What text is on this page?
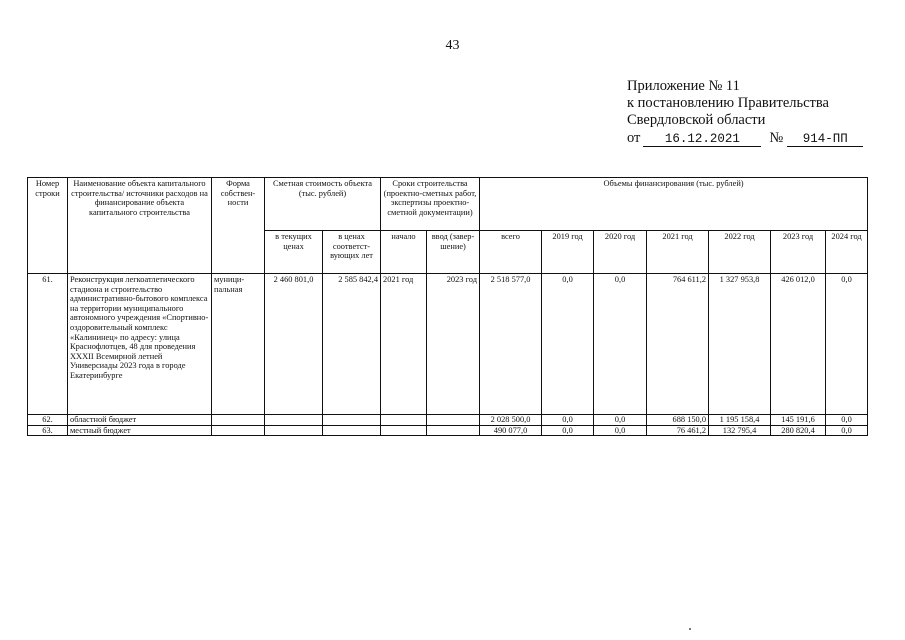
43
Приложение № 11
к постановлению Правительства
Свердловской области
от 16.12.2021 № 914-ПП
Номер строки	Наименование объекта капитального строительства/ источники расходов на финансирование объекта капитального строительства	Форма собствен-ности	Сметная стоимость объекта (тыс. рублей)		Сроки строительства (проектно-сметных работ, экспертизы проектно-сметной документации)		Объемы финансирования (тыс. рублей)						
			в текущих ценах	в ценах соответст-вующих лет	начало	ввод (завер-шение)	всего	2019 год	2020 год	2021 год	2022 год	2023 год	2024 год
61.	Реконструкция легкоатлетического стадиона и строительство административно-бытового комплекса на территории муниципального автономного учреждения «Спортивно-оздоровительный комплекс «Калининец» по адресу: улица Краснофлотцев, 48 для проведения XXXII Всемирной летней Универсиады 2023 года в городе Екатеринбурге	муници-пальная	2 460 801,0	2 585 842,4	2021 год	2023 год	2 518 577,0	0,0	0,0	764 611,2	1 327 953,8	426 012,0	0,0
62.	областной бюджет						2 028 500,0	0,0	0,0	688 150,0	1 195 158,4	145 191,6	0,0
63.	местный бюджет						490 077,0	0,0	0,0	76 461,2	132 795,4	280 820,4	0,0
